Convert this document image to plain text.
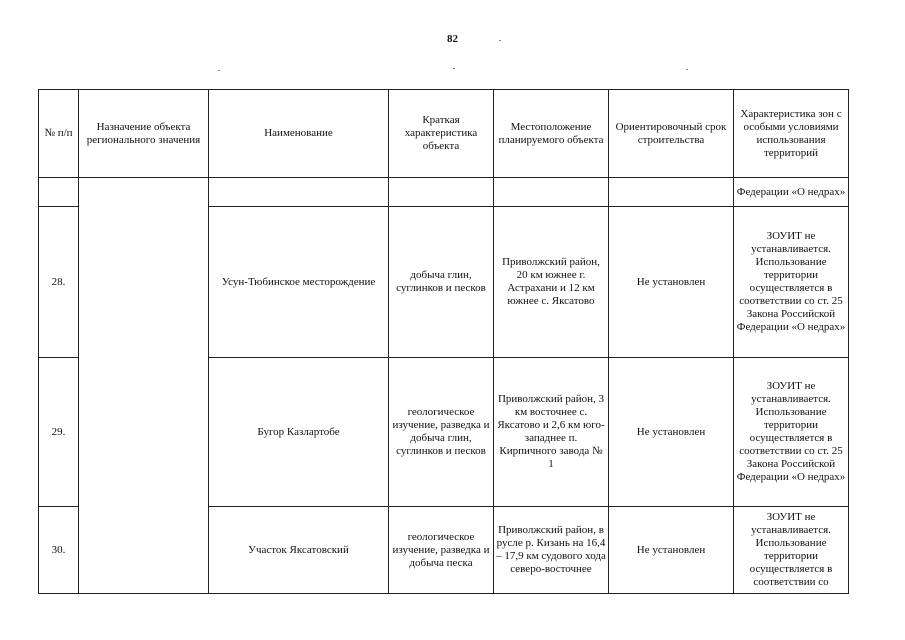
82
№ п/п	Назначение объекта регионального значения	Наименование	Краткая характеристика объекта	Местоположение планируемого объекта	Ориентировочный срок строительства	Характеристика зон с особыми условиями использования территорий
						Федерации «О недрах»
28.		Усун-Тюбинское месторождение	добыча глин, суглинков и песков	Приволжский район, 20 км южнее г. Астрахани и 12 км южнее с. Яксатово	Не установлен	ЗОУИТ не устанавливается. Использование территории осуществляется в соответствии со ст. 25 Закона Российской Федерации «О недрах»
29.		Бугор Казлартобе	геологическое изучение, разведка и добыча глин, суглинков и песков	Приволжский район, 3 км восточнее с. Яксатово и 2,6 км юго-западнее п. Кирпичного завода № 1	Не установлен	ЗОУИТ не устанавливается. Использование территории осуществляется в соответствии со ст. 25 Закона Российской Федерации «О недрах»
30.		Участок Яксатовский	геологическое изучение, разведка и добыча песка	Приволжский район, в русле р. Кизань на 16,4 – 17,9 км судового хода северо-восточнее	Не установлен	ЗОУИТ не устанавливается. Использование территории осуществляется в соответствии со
